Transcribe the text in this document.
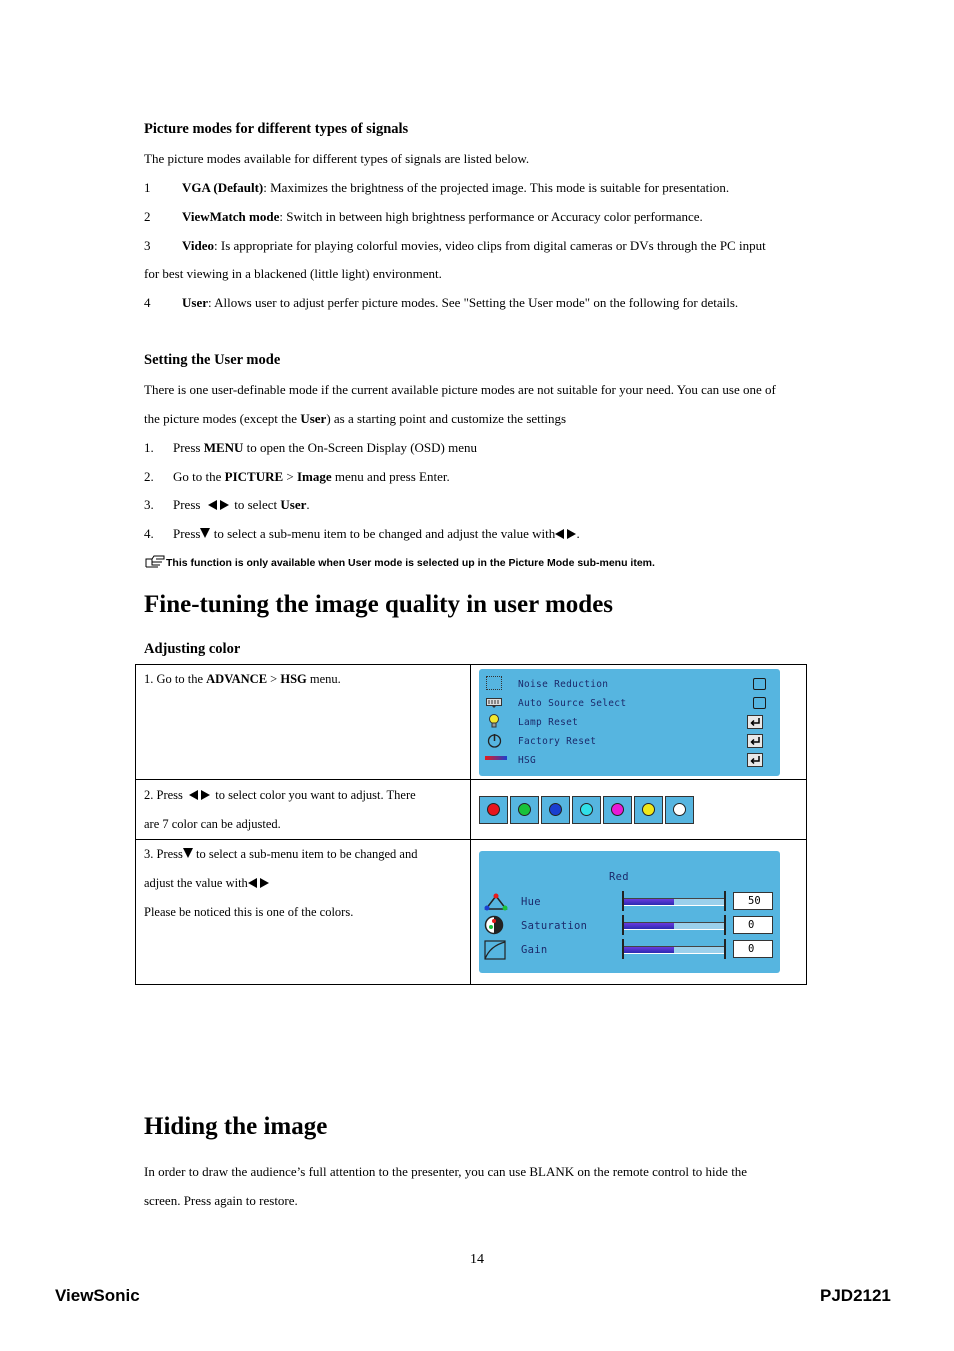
Picture modes for different types of signals
The picture modes available for different types of signals are listed below.
1	VGA (Default): Maximizes the brightness of the projected image. This mode is suitable for presentation.
2	ViewMatch mode: Switch in between high brightness performance or Accuracy color performance.
3	Video: Is appropriate for playing colorful movies, video clips from digital cameras or DVs through the PC input
for best viewing in a blackened (little light) environment.
4	User: Allows user to adjust perfer picture modes. See "Setting the User mode" on the following for details.
Setting the User mode
There is one user-definable mode if the current available picture modes are not suitable for your need. You can use one of
the picture modes (except the User) as a starting point and customize the settings
1. Press MENU to open the On-Screen Display (OSD) menu
2. Go to the PICTURE > Image menu and press Enter.
3. Press   to select User.
4. Press to select a sub-menu item to be changed and adjust the value with .
This function is only available when User mode is selected up in the Picture Mode sub-menu item.
Fine-tuning the image quality in user modes
Adjusting color
1. Go to the ADVANCE > HSG menu.	Noise Reduction
Auto Source Select
Lamp Reset
Factory Reset
HSG
2. Press   to select color you want to adjust. There
are 7 color can be adjusted.
3. Press to select a sub-menu item to be changed and
adjust the value with
Please be noticed this is one of the colors.
Red
Hue	50
Saturation	0
Gain	0
Hiding the image
In order to draw the audience’s full attention to the presenter, you can use BLANK on the remote control to hide the
screen. Press again to restore.
14
ViewSonic	PJD2121
